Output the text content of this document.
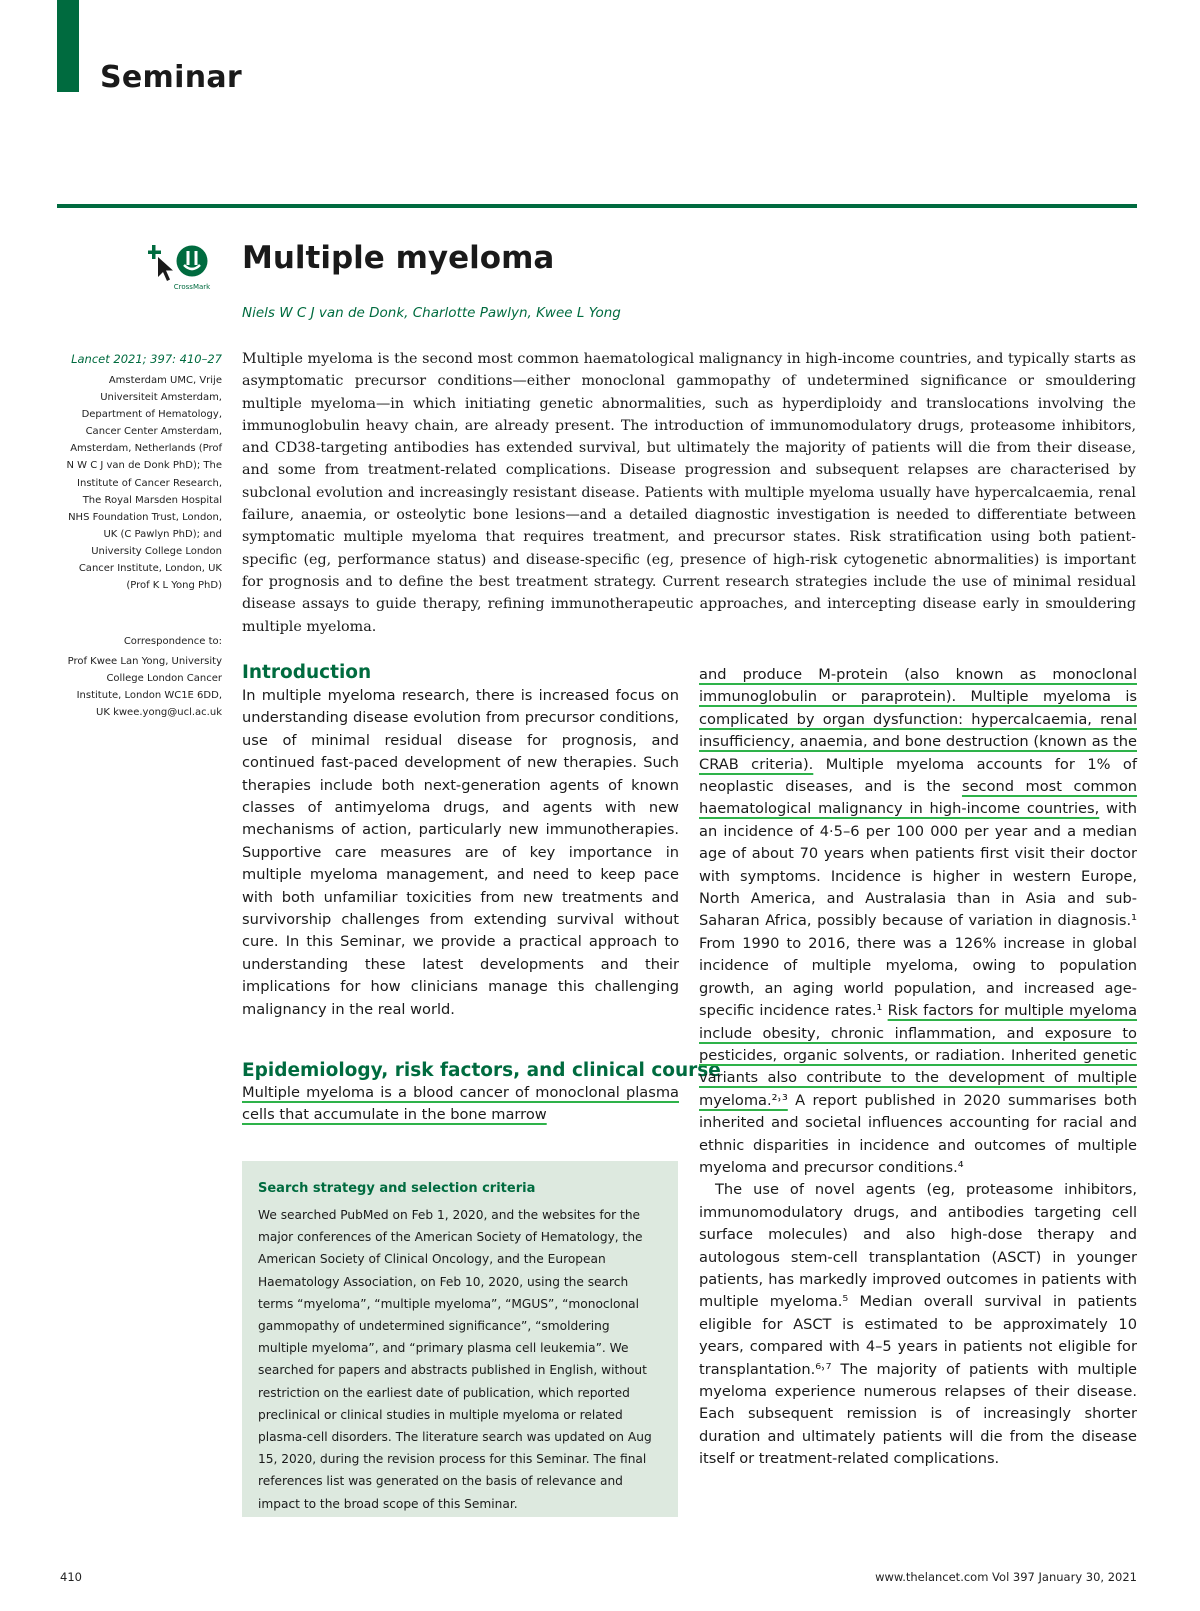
Seminar
CrossMark
Multiple myeloma
Niels W C J van de Donk, Charlotte Pawlyn, Kwee L Yong
Lancet 2021; 397: 410–27
Amsterdam UMC, Vrije Universiteit Amsterdam, Department of Hematology, Cancer Center Amsterdam, Amsterdam, Netherlands (Prof N W C J van de Donk PhD); The Institute of Cancer Research, The Royal Marsden Hospital NHS Foundation Trust, London, UK (C Pawlyn PhD); and University College London Cancer Institute, London, UK (Prof K L Yong PhD)
Correspondence to:
Prof Kwee Lan Yong, University College London Cancer Institute, London WC1E 6DD, UK kwee.yong@ucl.ac.uk

Multiple myeloma is the second most common haematological malignancy in high-income countries, and typically starts as asymptomatic precursor conditions—either monoclonal gammopathy of undetermined significance or smouldering multiple myeloma—in which initiating genetic abnormalities, such as hyperdiploidy and translocations involving the immunoglobulin heavy chain, are already present. The introduction of immunomodulatory drugs, proteasome inhibitors, and CD38-targeting antibodies has extended survival, but ultimately the majority of patients will die from their disease, and some from treatment-related complications. Disease progression and subsequent relapses are characterised by subclonal evolution and increasingly resistant disease. Patients with multiple myeloma usually have hypercalcaemia, renal failure, anaemia, or osteolytic bone lesions—and a detailed diagnostic investigation is needed to differentiate between symptomatic multiple myeloma that requires treatment, and precursor states. Risk stratification using both patient-specific (eg, performance status) and disease-specific (eg, presence of high-risk cytogenetic abnormalities) is important for prognosis and to define the best treatment strategy. Current research strategies include the use of minimal residual disease assays to guide therapy, refining immunotherapeutic approaches, and intercepting disease early in smouldering multiple myeloma.

Introduction

In multiple myeloma research, there is increased focus on understanding disease evolution from precursor conditions, use of minimal residual disease for prognosis, and continued fast-paced development of new therapies. Such therapies include both next-generation agents of known classes of antimyeloma drugs, and agents with new mechanisms of action, particularly new immunotherapies. Supportive care measures are of key importance in multiple myeloma management, and need to keep pace with both unfamiliar toxicities from new treatments and survivorship challenges from extending survival without cure. In this Seminar, we provide a practical approach to understanding these latest developments and their implications for how clinicians manage this challenging malignancy in the real world.

Epidemiology, risk factors, and clinical course

Multiple myeloma is a blood cancer of monoclonal plasma cells that accumulate in the bone marrow

Search strategy and selection criteria

We searched PubMed on Feb 1, 2020, and the websites for the major conferences of the American Society of Hematology, the American Society of Clinical Oncology, and the European Haematology Association, on Feb 10, 2020, using the search terms “myeloma”, “multiple myeloma”, “MGUS”, “monoclonal gammopathy of undetermined significance”, “smoldering multiple myeloma”, and “primary plasma cell leukemia”. We searched for papers and abstracts published in English, without restriction on the earliest date of publication, which reported preclinical or clinical studies in multiple myeloma or related plasma-cell disorders. The literature search was updated on Aug 15, 2020, during the revision process for this Seminar. The final references list was generated on the basis of relevance and impact to the broad scope of this Seminar.

and produce M-protein (also known as monoclonal immunoglobulin or paraprotein). Multiple myeloma is complicated by organ dysfunction: hypercalcaemia, renal insufficiency, anaemia, and bone destruction (known as the CRAB criteria). Multiple myeloma accounts for 1% of neoplastic diseases, and is the second most common haematological malignancy in high-income countries, with an incidence of 4·5–6 per 100 000 per year and a median age of about 70 years when patients first visit their doctor with symptoms. Incidence is higher in western Europe, North America, and Australasia than in Asia and sub-Saharan Africa, possibly because of variation in diagnosis.¹ From 1990 to 2016, there was a 126% increase in global incidence of multiple myeloma, owing to population growth, an aging world population, and increased age-specific incidence rates.¹ Risk factors for multiple myeloma include obesity, chronic inflammation, and exposure to pesticides, organic solvents, or radiation. Inherited genetic variants also contribute to the development of multiple myeloma.²˒³ A report published in 2020 summarises both inherited and societal influences accounting for racial and ethnic disparities in incidence and outcomes of multiple myeloma and precursor conditions.⁴

The use of novel agents (eg, proteasome inhibitors, immunomodulatory drugs, and antibodies targeting cell surface molecules) and also high-dose therapy and autologous stem-cell transplantation (ASCT) in younger patients, has markedly improved outcomes in patients with multiple myeloma.⁵ Median overall survival in patients eligible for ASCT is estimated to be approximately 10 years, compared with 4–5 years in patients not eligible for transplantation.⁶˒⁷ The majority of patients with multiple myeloma experience numerous relapses of their disease. Each subsequent remission is of increasingly shorter duration and ultimately patients will die from the disease itself or treatment-related complications.

410	www.thelancet.com Vol 397 January 30, 2021
